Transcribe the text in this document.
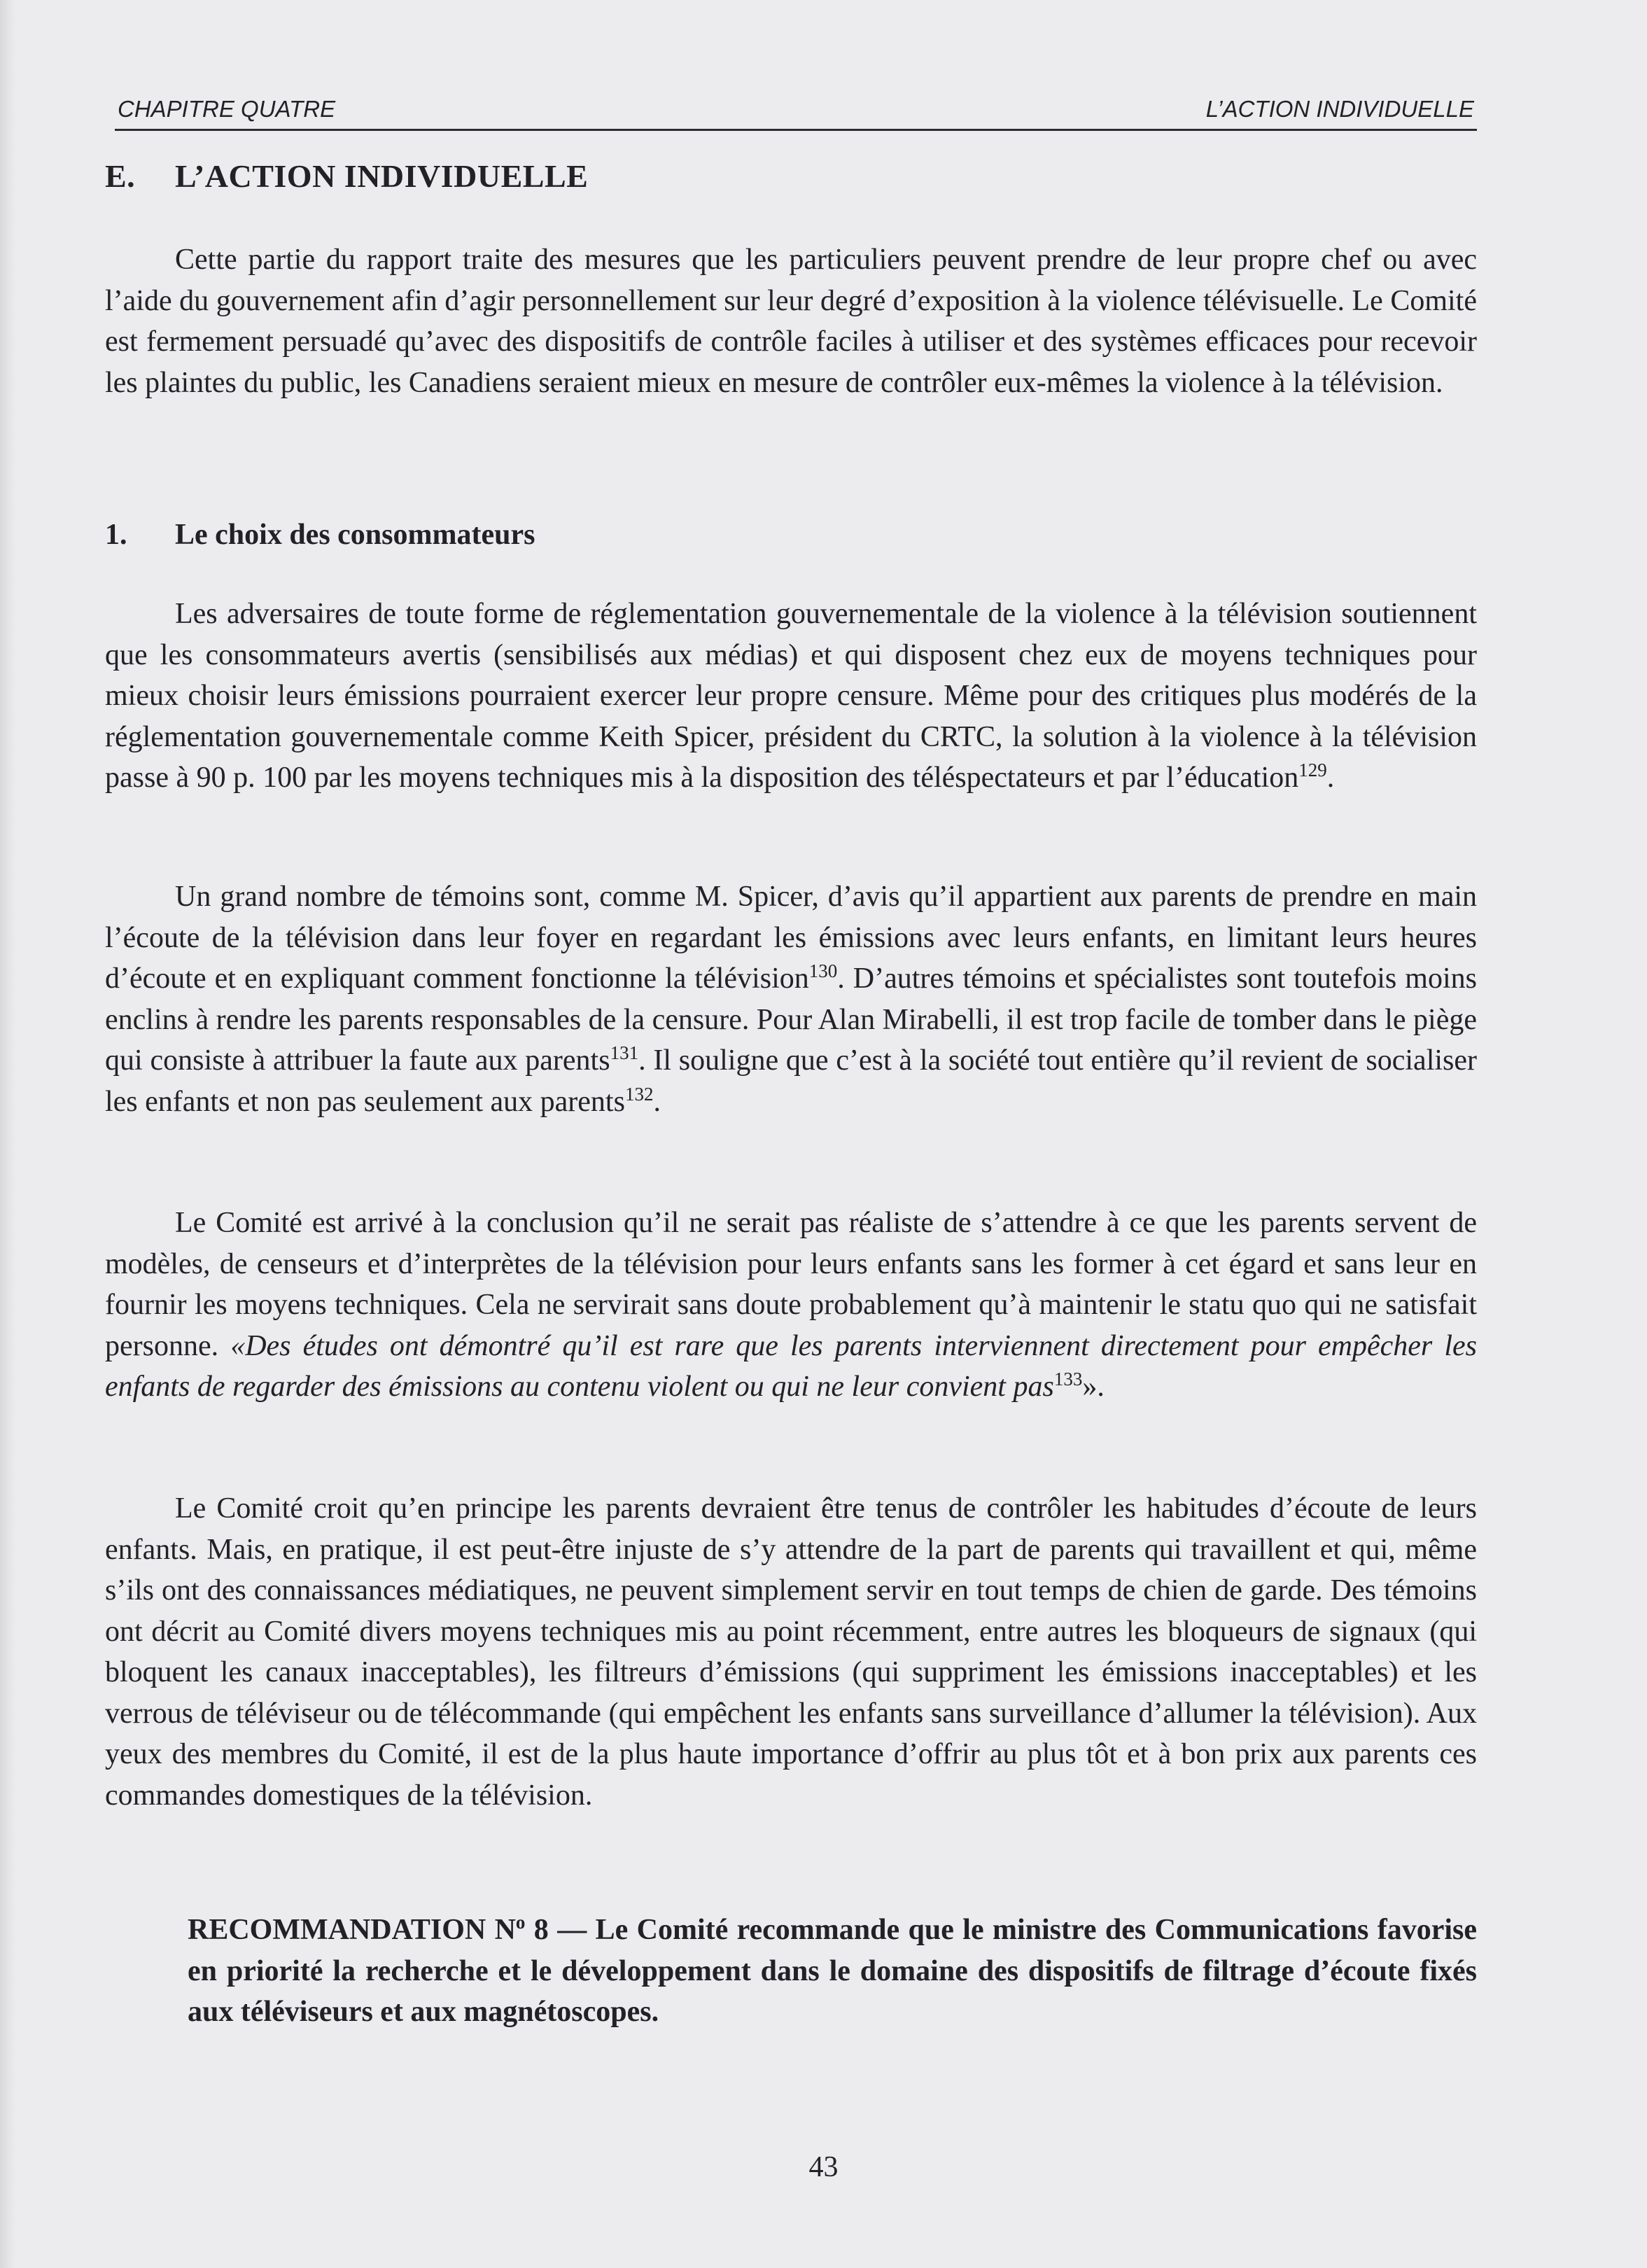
CHAPITRE QUATRE	L’ACTION INDIVIDUELLE
E. L’ACTION INDIVIDUELLE

Cette partie du rapport traite des mesures que les particuliers peuvent prendre de leur propre chef ou avec l’aide du gouvernement afin d’agir personnellement sur leur degré d’exposition à la violence télévisuelle. Le Comité est fermement persuadé qu’avec des dispositifs de contrôle faciles à utiliser et des systèmes efficaces pour recevoir les plaintes du public, les Canadiens seraient mieux en mesure de contrôler eux-mêmes la violence à la télévision.

1. Le choix des consommateurs

Les adversaires de toute forme de réglementation gouvernementale de la violence à la télévision soutiennent que les consommateurs avertis (sensibilisés aux médias) et qui disposent chez eux de moyens techniques pour mieux choisir leurs émissions pourraient exercer leur propre censure. Même pour des critiques plus modérés de la réglementation gouvernementale comme Keith Spicer, président du CRTC, la solution à la violence à la télévision passe à 90 p. 100 par les moyens techniques mis à la disposition des téléspectateurs et par l’éducation$^{129}$.

Un grand nombre de témoins sont, comme M. Spicer, d’avis qu’il appartient aux parents de prendre en main l’écoute de la télévision dans leur foyer en regardant les émissions avec leurs enfants, en limitant leurs heures d’écoute et en expliquant comment fonctionne la télévision$^{130}$. D’autres témoins et spécialistes sont toutefois moins enclins à rendre les parents responsables de la censure. Pour Alan Mirabelli, il est trop facile de tomber dans le piège qui consiste à attribuer la faute aux parents$^{131}$. Il souligne que c’est à la société tout entière qu’il revient de socialiser les enfants et non pas seulement aux parents$^{132}$.

Le Comité est arrivé à la conclusion qu’il ne serait pas réaliste de s’attendre à ce que les parents servent de modèles, de censeurs et d’interprètes de la télévision pour leurs enfants sans les former à cet égard et sans leur en fournir les moyens techniques. Cela ne servirait sans doute probablement qu’à maintenir le statu quo qui ne satisfait personne. «Des études ont démontré qu’il est rare que les parents interviennent directement pour empêcher les enfants de regarder des émissions au contenu violent ou qui ne leur convient pas$^{133}$».

Le Comité croit qu’en principe les parents devraient être tenus de contrôler les habitudes d’écoute de leurs enfants. Mais, en pratique, il est peut-être injuste de s’y attendre de la part de parents qui travaillent et qui, même s’ils ont des connaissances médiatiques, ne peuvent simplement servir en tout temps de chien de garde. Des témoins ont décrit au Comité divers moyens techniques mis au point récemment, entre autres les bloqueurs de signaux (qui bloquent les canaux inacceptables), les filtreurs d’émissions (qui suppriment les émissions inacceptables) et les verrous de téléviseur ou de télécommande (qui empêchent les enfants sans surveillance d’allumer la télévision). Aux yeux des membres du Comité, il est de la plus haute importance d’offrir au plus tôt et à bon prix aux parents ces commandes domestiques de la télévision.

RECOMMANDATION $N^o$ 8 — Le Comité recommande que le ministre des Communications favorise en priorité la recherche et le développement dans le domaine des dispositifs de filtrage d’écoute fixés aux téléviseurs et aux magnétoscopes.

43
